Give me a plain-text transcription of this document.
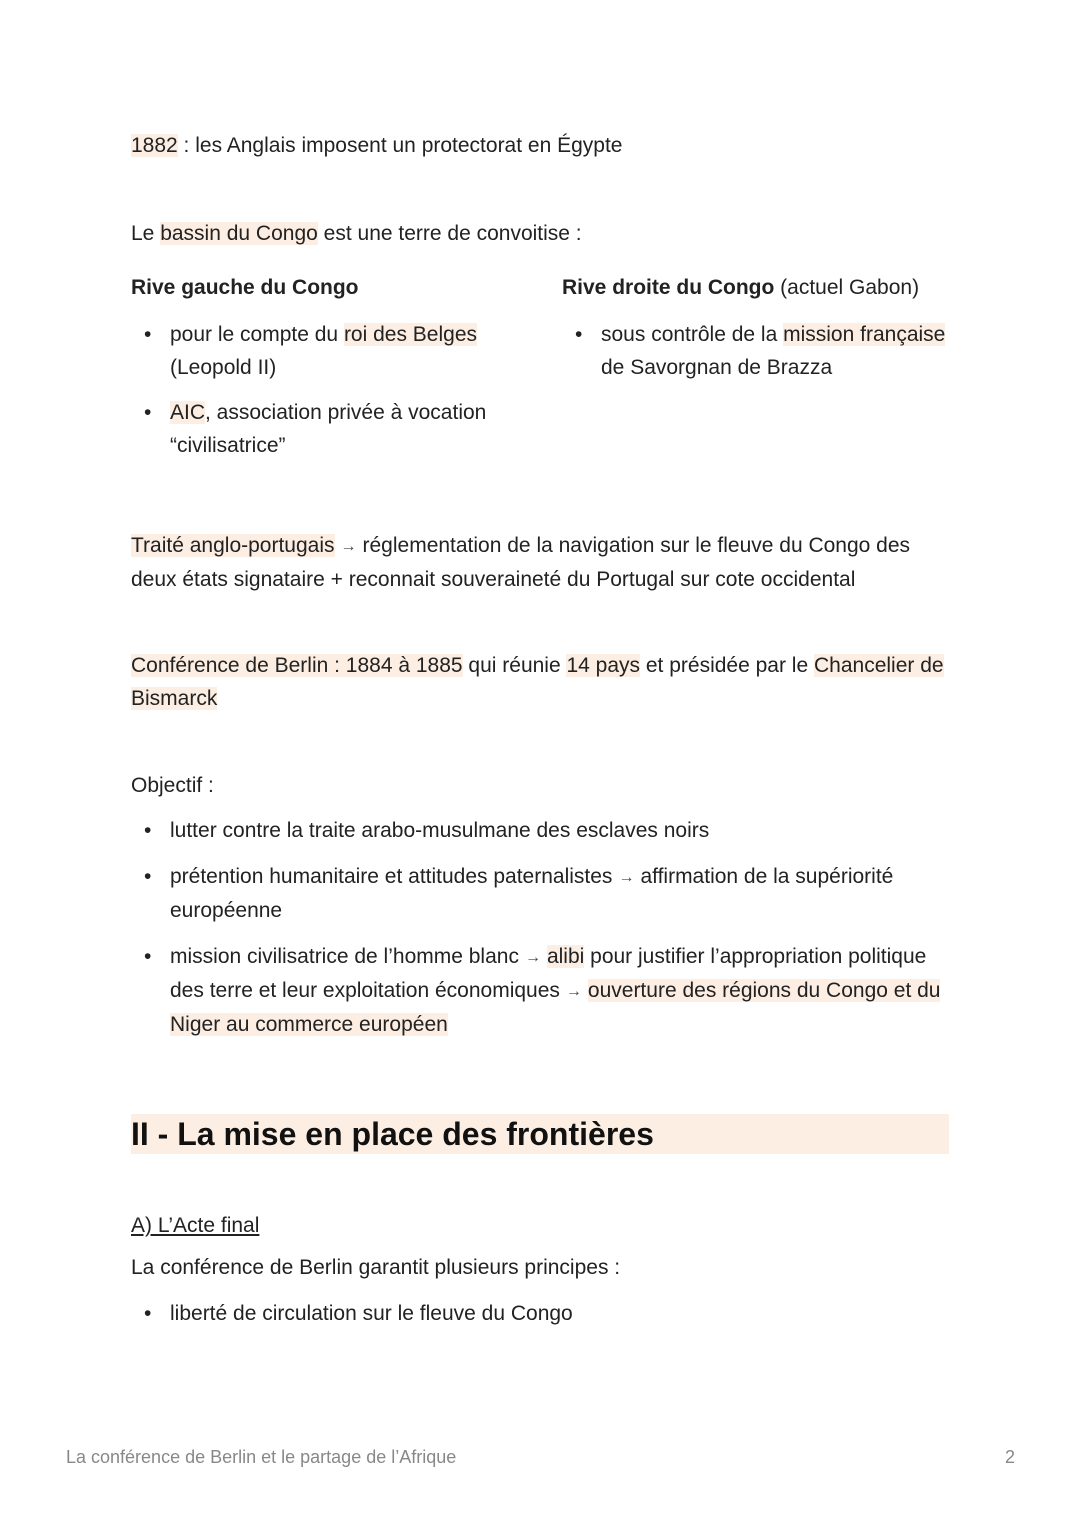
1882 : les Anglais imposent un protectorat en Égypte

Le bassin du Congo est une terre de convoitise :

Rive gauche du Congo
• pour le compte du roi des Belges
(Leopold II)
• AIC, association privée à vocation “civilisatrice”
Rive droite du Congo (actuel Gabon)
• sous contrôle de la mission française de Savorgnan de Brazza

Traité anglo-portugais → réglementation de la navigation sur le fleuve du Congo des deux états signataire + reconnait souveraineté du Portugal sur cote occidental

Conférence de Berlin : 1884 à 1885 qui réunie 14 pays et présidée par le Chancelier de Bismarck

Objectif :

• lutter contre la traite arabo-musulmane des esclaves noirs
• prétention humanitaire et attitudes paternalistes → affirmation de la supériorité européenne
• mission civilisatrice de l’homme blanc → alibi pour justifier l’appropriation politique des terre et leur exploitation économiques → ouverture des régions du Congo et du Niger au commerce européen
II - La mise en place des frontières
A) L’Acte final

La conférence de Berlin garantit plusieurs principes :

• liberté de circulation sur le fleuve du Congo
La conférence de Berlin et le partage de l’Afrique	2
